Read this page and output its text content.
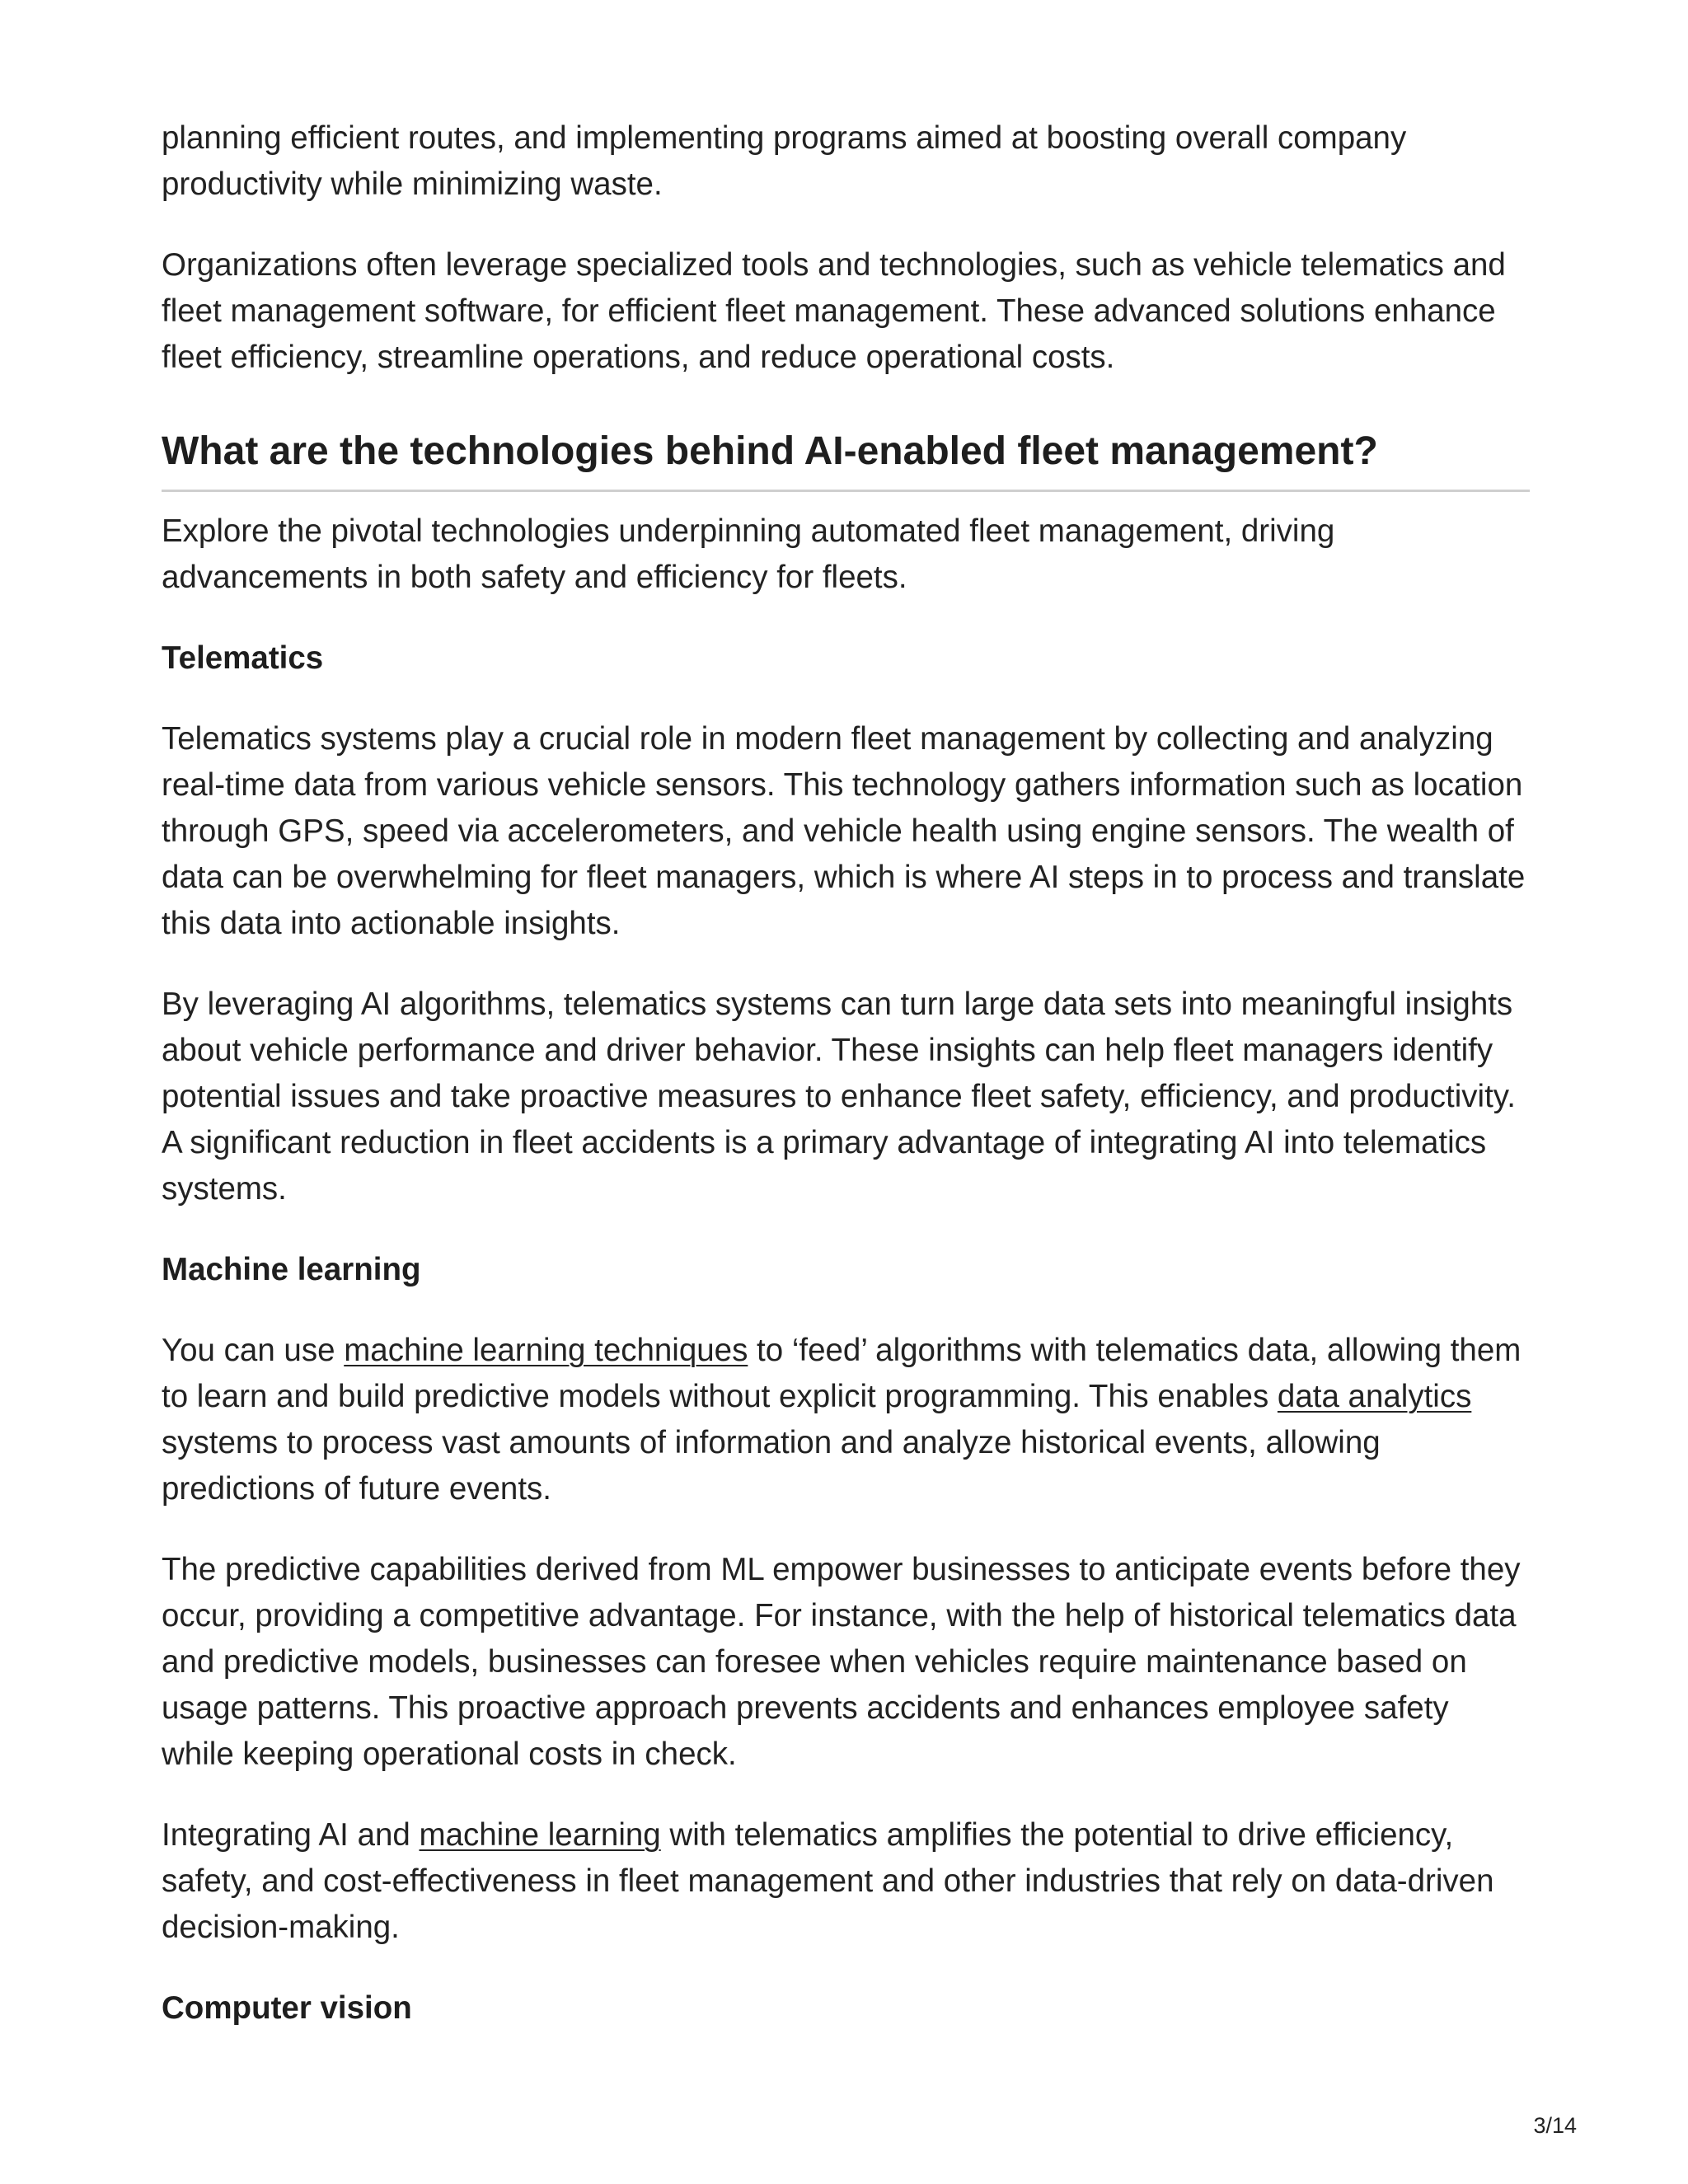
planning efficient routes, and implementing programs aimed at boosting overall company productivity while minimizing waste.

Organizations often leverage specialized tools and technologies, such as vehicle telematics and fleet management software, for efficient fleet management. These advanced solutions enhance fleet efficiency, streamline operations, and reduce operational costs.

What are the technologies behind AI-enabled fleet management?

Explore the pivotal technologies underpinning automated fleet management, driving advancements in both safety and efficiency for fleets.

Telematics

Telematics systems play a crucial role in modern fleet management by collecting and analyzing real-time data from various vehicle sensors. This technology gathers information such as location through GPS, speed via accelerometers, and vehicle health using engine sensors. The wealth of data can be overwhelming for fleet managers, which is where AI steps in to process and translate this data into actionable insights.

By leveraging AI algorithms, telematics systems can turn large data sets into meaningful insights about vehicle performance and driver behavior. These insights can help fleet managers identify potential issues and take proactive measures to enhance fleet safety, efficiency, and productivity. A significant reduction in fleet accidents is a primary advantage of integrating AI into telematics systems.

Machine learning

You can use machine learning techniques to ‘feed’ algorithms with telematics data, allowing them to learn and build predictive models without explicit programming. This enables data analytics systems to process vast amounts of information and analyze historical events, allowing predictions of future events.

The predictive capabilities derived from ML empower businesses to anticipate events before they occur, providing a competitive advantage. For instance, with the help of historical telematics data and predictive models, businesses can foresee when vehicles require maintenance based on usage patterns. This proactive approach prevents accidents and enhances employee safety while keeping operational costs in check.

Integrating AI and machine learning with telematics amplifies the potential to drive efficiency, safety, and cost-effectiveness in fleet management and other industries that rely on data-driven decision-making.

Computer vision
3/14
